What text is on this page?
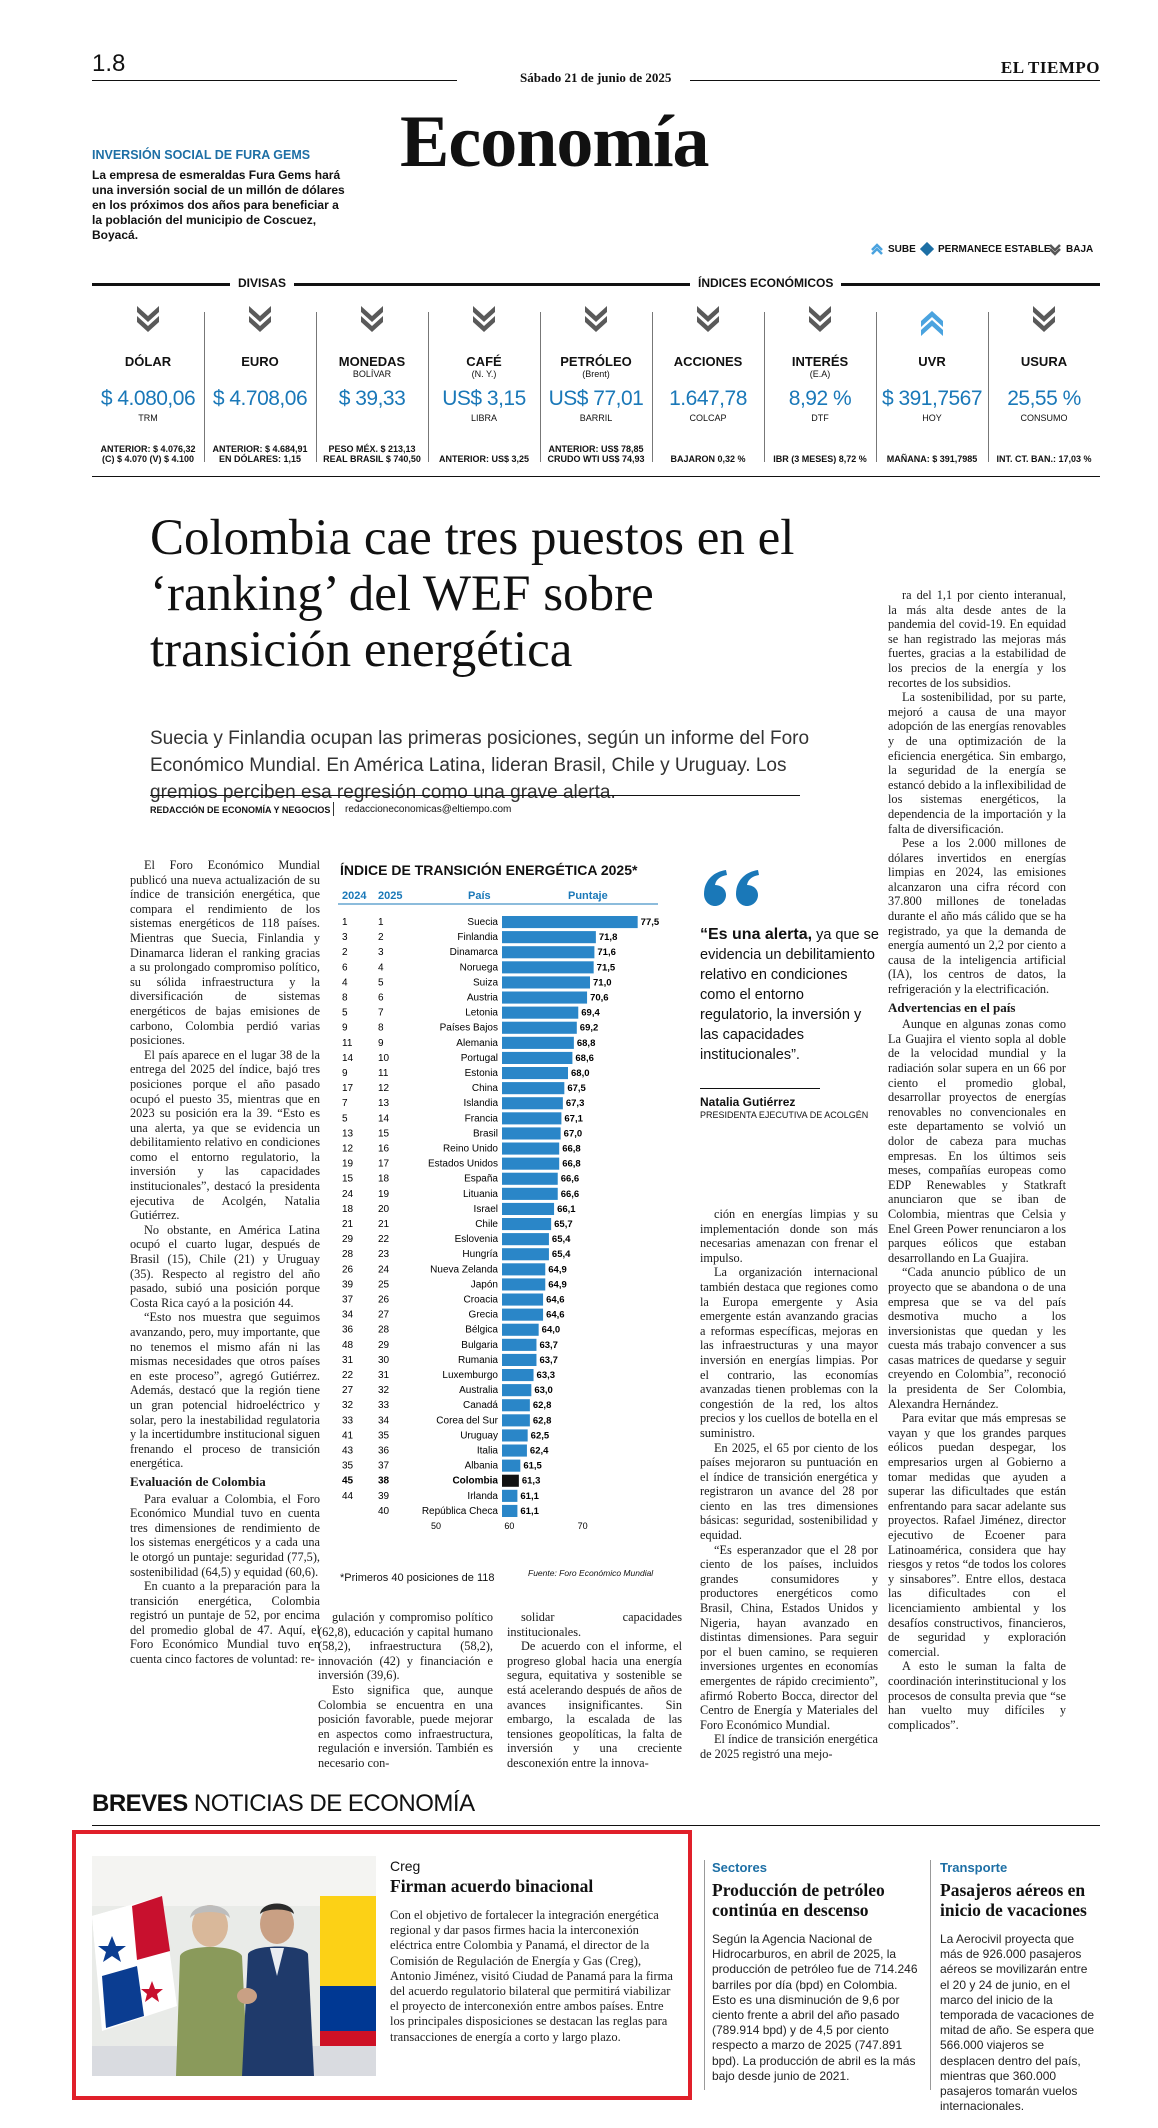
1.8
Sábado 21 de junio de 2025
EL TIEMPO
Economía
INVERSIÓN SOCIAL DE FURA GEMS
La empresa de esmeraldas Fura Gems hará una inversión social de un millón de dólares en los próximos dos años para beneficiar a la población del municipio de Coscuez, Boyacá.
SUBE PERMANECE ESTABLE BAJA
DIVISAS	ÍNDICES ECONÓMICOS
DÓLAR
$ 4.080,06
TRM
ANTERIOR: $ 4.076,32
(C) $ 4.070 (V) $ 4.100
EURO
$ 4.708,06
ANTERIOR: $ 4.684,91
EN DÓLARES: 1,15
MONEDAS
BOLÍVAR
$ 39,33
PESO MÉX. $ 213,13
REAL BRASIL $ 740,50
CAFÉ
(N. Y.)
US$ 3,15
LIBRA
ANTERIOR: US$ 3,25
PETRÓLEO
(Brent)
US$ 77,01
BARRIL
ANTERIOR: US$ 78,85
CRUDO WTI US$ 74,93
ACCIONES
1.647,78
COLCAP
BAJARON 0,32 %
INTERÉS
(E.A)
8,92 %
DTF
IBR (3 MESES) 8,72 %
UVR
$ 391,7567
HOY
MAÑANA: $ 391,7985
USURA
25,55 %
CONSUMO
INT. CT. BAN.: 17,03 %
Colombia cae tres puestos en el ‘ranking’ del WEF sobre transición energética
Suecia y Finlandia ocupan las primeras posiciones, según un informe del Foro Económico Mundial. En América Latina, lideran Brasil, Chile y Uruguay. Los gremios perciben esa regresión como una grave alerta.
REDACCIÓN DE ECONOMÍA Y NEGOCIOS redaccioneconomicas@eltiempo.com

El Foro Económico Mundial publicó una nueva actualización de su índice de transición energética, que compara el rendimiento de los sistemas energéticos de 118 países. Mientras que Suecia, Finlandia y Dinamarca lideran el ranking gracias a su prolongado compromiso político, su sólida infraestructura y la diversificación de sistemas energéticos de bajas emisiones de carbono, Colombia perdió varias posiciones.

El país aparece en el lugar 38 de la entrega del 2025 del índice, bajó tres posiciones porque el año pasado ocupó el puesto 35, mientras que en 2023 su posición era la 39. “Esto es una alerta, ya que se evidencia un debilitamiento relativo en condiciones como el entorno regulatorio, la inversión y las capacidades institucionales”, destacó la presidenta ejecutiva de Acolgén, Natalia Gutiérrez.

No obstante, en América Latina ocupó el cuarto lugar, después de Brasil (15), Chile (21) y Uruguay (35). Respecto al registro del año pasado, subió una posición porque Costa Rica cayó a la posición 44.

“Esto nos muestra que seguimos avanzando, pero, muy importante, que no tenemos el mismo afán ni las mismas necesidades que otros países en este proceso”, agregó Gutiérrez. Además, destacó que la región tiene un gran potencial hidroeléctrico y solar, pero la inestabilidad regulatoria y la incertidumbre institucional siguen frenando el proceso de transición energética.

Evaluación de Colombia

Para evaluar a Colombia, el Foro Económico Mundial tuvo en cuenta tres dimensiones de rendimiento de los sistemas energéticos y a cada una le otorgó un puntaje: seguridad (77,5), sostenibilidad (64,5) y equidad (60,6).

En cuanto a la preparación para la transición energética, Colombia registró un puntaje de 52, por encima del promedio global de 47. Aquí, el Foro Económico Mundial tuvo en cuenta cinco factores de voluntad: re-

gulación y compromiso político (62,8), educación y capital humano (58,2), infraestructura (58,2), innovación (42) y financiación e inversión (39,6).

Esto significa que, aunque Colombia se encuentra en una posición favorable, puede mejorar en aspectos como infraestructura, regulación e inversión. También es necesario con-

solidar capacidades institucionales.

De acuerdo con el informe, el progreso global hacia una energía segura, equitativa y sostenible se está acelerando después de años de avances insignificantes. Sin embargo, la escalada de las tensiones geopolíticas, la falta de inversión y una creciente desconexión entre la innova-

ción en energías limpias y su implementación donde son más necesarias amenazan con frenar el impulso.

La organización internacional también destaca que regiones como la Europa emergente y Asia emergente están avanzando gracias a reformas específicas, mejoras en las infraestructuras y una mayor inversión en energías limpias. Por el contrario, las economías avanzadas tienen problemas con la congestión de la red, los altos precios y los cuellos de botella en el suministro.

En 2025, el 65 por ciento de los países mejoraron su puntuación en el índice de transición energética y registraron un avance del 28 por ciento en las tres dimensiones básicas: seguridad, sostenibilidad y equidad.

“Es esperanzador que el 28 por ciento de los países, incluidos grandes consumidores y productores energéticos como Brasil, China, Estados Unidos y Nigeria, hayan avanzado en distintas dimensiones. Para seguir por el buen camino, se requieren inversiones urgentes en economías emergentes de rápido crecimiento”, afirmó Roberto Bocca, director del Centro de Energía y Materiales del Foro Económico Mundial.

El índice de transición energética de 2025 registró una mejo-

ra del 1,1 por ciento interanual, la más alta desde antes de la pandemia del covid-19. En equidad se han registrado las mejoras más fuertes, gracias a la estabilidad de los precios de la energía y los recortes de los subsidios.

La sostenibilidad, por su parte, mejoró a causa de una mayor adopción de las energías renovables y de una optimización de la eficiencia energética. Sin embargo, la seguridad de la energía se estancó debido a la inflexibilidad de los sistemas energéticos, la dependencia de la importación y la falta de diversificación.

Pese a los 2.000 millones de dólares invertidos en energías limpias en 2024, las emisiones alcanzaron una cifra récord con 37.800 millones de toneladas durante el año más cálido que se ha registrado, ya que la demanda de energía aumentó un 2,2 por ciento a causa de la inteligencia artificial (IA), los centros de datos, la refrigeración y la electrificación.

Advertencias en el país

Aunque en algunas zonas como La Guajira el viento sopla al doble de la velocidad mundial y la radiación solar supera en un 66 por ciento el promedio global, desarrollar proyectos de energías renovables no convencionales en este departamento se volvió un dolor de cabeza para muchas empresas. En los últimos seis meses, compañías europeas como EDP Renewables y Statkraft anunciaron que se iban de Colombia, mientras que Celsia y Enel Green Power renunciaron a los parques eólicos que estaban desarrollando en La Guajira.

“Cada anuncio público de un proyecto que se abandona o de una empresa que se va del país desmotiva mucho a los inversionistas que quedan y les cuesta más trabajo convencer a sus casas matrices de quedarse y seguir creyendo en Colombia”, reconoció la presidenta de Ser Colombia, Alexandra Hernández.

Para evitar que más empresas se vayan y que los grandes parques eólicos puedan despegar, los empresarios urgen al Gobierno a tomar medidas que ayuden a superar las dificultades que están enfrentando para sacar adelante sus proyectos. Rafael Jiménez, director ejecutivo de Ecoener para Latinoamérica, considera que hay riesgos y retos “de todos los colores y sinsabores”. Entre ellos, destaca las dificultades con el licenciamiento ambiental y los desafíos constructivos, financieros, de seguridad y exploración comercial.

A esto le suman la falta de coordinación interinstitucional y los procesos de consulta previa que “se han vuelto muy difíciles y complicados”.

ÍNDICE DE TRANSICIÓN ENERGÉTICA 2025*
2024 2025	País	Puntaje
1	1	Suecia	77,5
3	2	Finlandia	71,8
2	3	Dinamarca	71,6
6	4	Noruega	71,5
4	5	Suiza	71,0
8	6	Austria	70,6
5	7	Letonia	69,4
9	8	Países Bajos	69,2
11	9	Alemania	68,8
14 10	Portugal	68,6
9	11	Estonia	68,0
17 12	China	67,5
7	13	Islandia	67,3
5	14	Francia	67,1
13 15	Brasil	67,0
12 16	Reino Unido	66,8
19 17	Estados Unidos	66,8
15 18	España	66,6
24 19	Lituania	66,6
18 20	Israel	66,1
21 21	Chile	65,7
29 22	Eslovenia	65,4
28 23	Hungría	65,4
26 24	Nueva Zelanda	64,9
39 25	Japón	64,9
37 26	Croacia	64,6
34 27	Grecia	64,6
36 28	Bélgica	64,0
48 29	Bulgaria	63,7
31 30	Rumania	63,7
22 31	Luxemburgo	63,3
27 32	Australia	63,0
32 33	Canadá	62,8
33 34	Corea del Sur	62,8
41 35	Uruguay	62,5
43 36	Italia	62,4
35 37	Albania	61,5
45 38	Colombia	61,3
44 39	Irlanda 61,1
40	República Checa 61,1
50	60	70
*Primeros 40 posiciones de 118	Fuente: Foro Económico Mundial
“Es una alerta, ya que se evidencia un debilitamiento relativo en condiciones como el entorno regulatorio, la inversión y las capacidades institucionales”.
Natalia Gutiérrez
PRESIDENTA EJECUTIVA DE ACOLGÉN
BREVES NOTICIAS DE ECONOMÍA
Creg
Firman acuerdo binacional
Con el objetivo de fortalecer la integración energética regional y dar pasos firmes hacia la interconexión eléctrica entre Colombia y Panamá, el director de la Comisión de Regulación de Energía y Gas (Creg), Antonio Jiménez, visitó Ciudad de Panamá para la firma del acuerdo regulatorio bilateral que permitirá viabilizar el proyecto de interconexión entre ambos países. Entre los principales disposiciones se destacan las reglas para transacciones de energía a corto y largo plazo.
Sectores
Producción de petróleo continúa en descenso
Según la Agencia Nacional de Hidrocarburos, en abril de 2025, la producción de petróleo fue de 714.246 barriles por día (bpd) en Colombia. Esto es una disminución de 9,6 por ciento frente a abril del año pasado (789.914 bpd) y de 4,5 por ciento respecto a marzo de 2025 (747.891 bpd). La producción de abril es la más bajo desde junio de 2021.
Transporte
Pasajeros aéreos en inicio de vacaciones
La Aerocivil proyecta que más de 926.000 pasajeros aéreos se movilizarán entre el 20 y 24 de junio, en el marco del inicio de la temporada de vacaciones de mitad de año. Se espera que 566.000 viajeros se desplacen dentro del país, mientras que 360.000 pasajeros tomarán vuelos internacionales.
